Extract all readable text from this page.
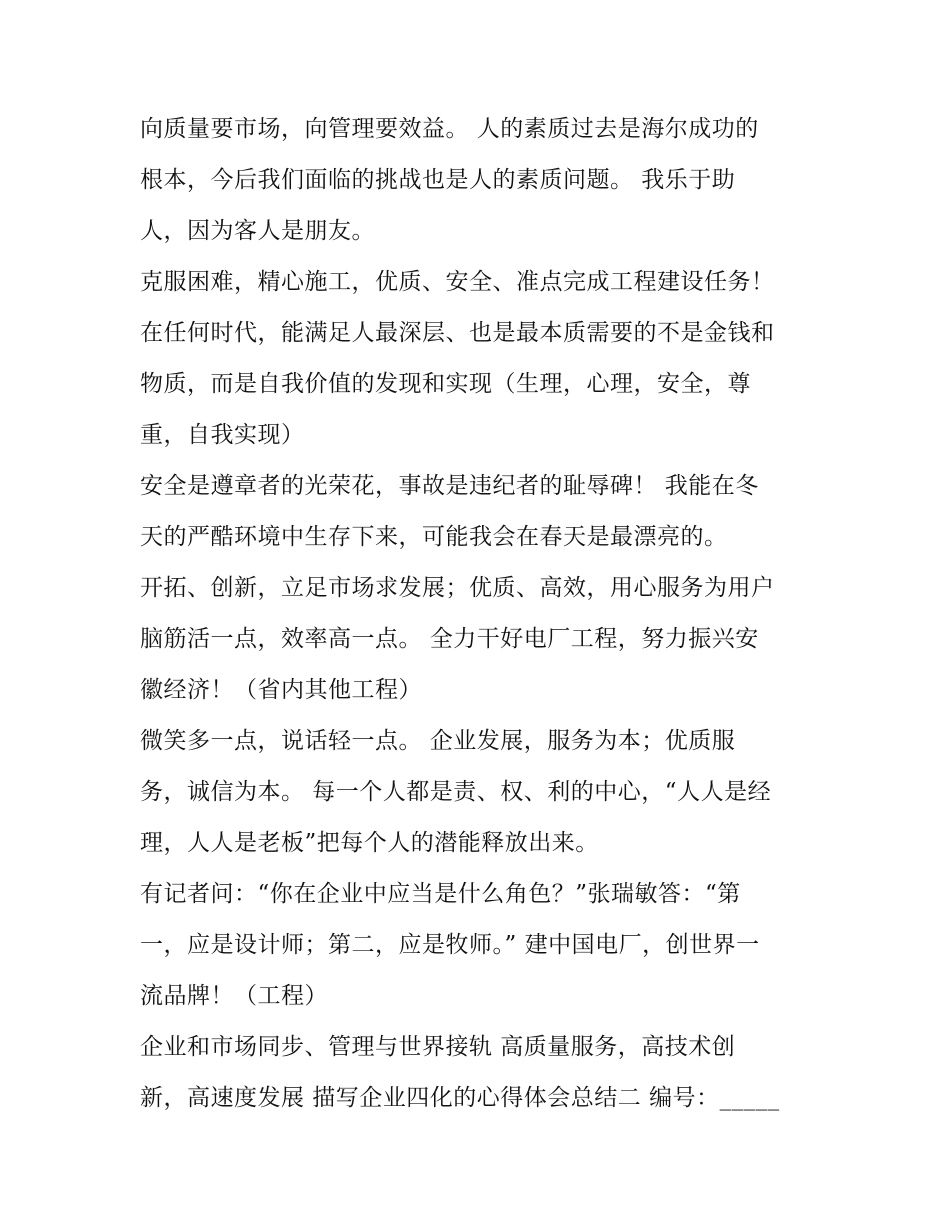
向质量要市场，向管理要效益。 人的素质过去是海尔成功的
根本，今后我们面临的挑战也是人的素质问题。 我乐于助
人，因为客人是朋友。
克服困难，精心施工，优质、安全、准点完成工程建设任务！
在任何时代，能满足人最深层、也是最本质需要的不是金钱和
物质，而是自我价值的发现和实现（生理，心理，安全，尊
重，自我实现）
安全是遵章者的光荣花，事故是违纪者的耻辱碑！ 我能在冬
天的严酷环境中生存下来，可能我会在春天是最漂亮的。
开拓、创新，立足市场求发展；优质、高效，用心服务为用户
脑筋活一点，效率高一点。 全力干好电厂工程，努力振兴安
徽经济！（省内其他工程）
微笑多一点，说话轻一点。 企业发展，服务为本；优质服
务，诚信为本。 每一个人都是责、权、利的中心，“人人是经
理，人人是老板”把每个人的潜能释放出来。
有记者问：“你在企业中应当是什么角色？”张瑞敏答：“第
一，应是设计师；第二，应是牧师。” 建中国电厂，创世界一
流品牌！（工程）
企业和市场同步、管理与世界接轨 高质量服务，高技术创
新，高速度发展 描写企业四化的心得体会总结二 编号：_____
